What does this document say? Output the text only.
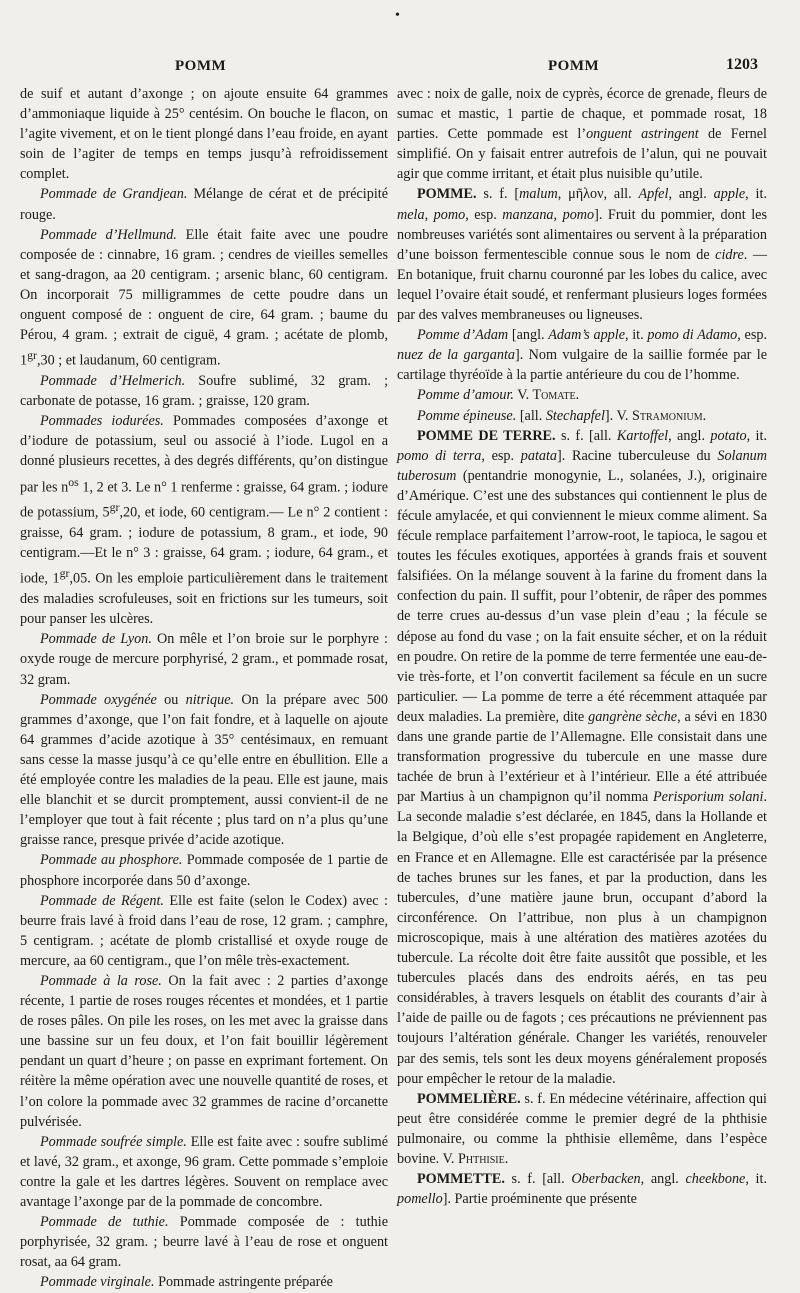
•
POMM	POMM	1203

de suif et autant d’axonge ; on ajoute ensuite 64 grammes d’ammoniaque liquide à 25° centésim. On bouche le flacon, on l’agite vivement, et on le tient plongé dans l’eau froide, en ayant soin de l’agiter de temps en temps jusqu’à refroidissement complet.

Pommade de Grandjean. Mélange de cérat et de précipité rouge.

Pommade d’Hellmund. Elle était faite avec une poudre composée de : cinnabre, 16 gram. ; cendres de vieilles semelles et sang-dragon, aa 20 centigram. ; arsenic blanc, 60 centigram. On incorporait 75 milligrammes de cette poudre dans un onguent composé de : onguent de cire, 64 gram. ; baume du Pérou, 4 gram. ; extrait de ciguë, 4 gram. ; acétate de plomb, $1^{gr},30$ ; et laudanum, 60 centigram.

Pommade d’Helmerich. Soufre sublimé, 32 gram. ; carbonate de potasse, 16 gram. ; graisse, 120 gram.

Pommades iodurées. Pommades composées d’axonge et d’iodure de potassium, seul ou associé à l’iode. Lugol en a donné plusieurs recettes, à des degrés différents, qu’on distingue par les $n^{os}$ 1, 2 et 3. Le n° 1 renferme : graisse, 64 gram. ; iodure de potassium, $5^{gr},20$, et iode, 60 centigram.— Le n° 2 contient : graisse, 64 gram. ; iodure de potassium, 8 gram., et iode, 90 centigram.—Et le n° 3 : graisse, 64 gram. ; iodure, 64 gram., et iode, $1^{gr},05$. On les emploie particulièrement dans le traitement des maladies scrofuleuses, soit en frictions sur les tumeurs, soit pour panser les ulcères.

Pommade de Lyon. On mêle et l’on broie sur le porphyre : oxyde rouge de mercure porphyrisé, 2 gram., et pommade rosat, 32 gram.

Pommade oxygénée ou nitrique. On la prépare avec 500 grammes d’axonge, que l’on fait fondre, et à laquelle on ajoute 64 grammes d’acide azotique à 35° centésimaux, en remuant sans cesse la masse jusqu’à ce qu’elle entre en ébullition. Elle a été employée contre les maladies de la peau. Elle est jaune, mais elle blanchit et se durcit promptement, aussi convient-il de ne l’employer que tout à fait récente ; plus tard on n’a plus qu’une graisse rance, presque privée d’acide azotique.

Pommade au phosphore. Pommade composée de 1 partie de phosphore incorporée dans 50 d’axonge.

Pommade de Régent. Elle est faite (selon le Codex) avec : beurre frais lavé à froid dans l’eau de rose, 12 gram. ; camphre, 5 centigram. ; acétate de plomb cristallisé et oxyde rouge de mercure, aa 60 centigram., que l’on mêle très-exactement.

Pommade à la rose. On la fait avec : 2 parties d’axonge récente, 1 partie de roses rouges récentes et mondées, et 1 partie de roses pâles. On pile les roses, on les met avec la graisse dans une bassine sur un feu doux, et l’on fait bouillir légèrement pendant un quart d’heure ; on passe en exprimant fortement. On réitère la même opération avec une nouvelle quantité de roses, et l’on colore la pommade avec 32 grammes de racine d’orcanette pulvérisée.

Pommade soufrée simple. Elle est faite avec : soufre sublimé et lavé, 32 gram., et axonge, 96 gram. Cette pommade s’emploie contre la gale et les dartres légères. Souvent on remplace avec avantage l’axonge par de la pommade de concombre.

Pommade de tuthie. Pommade composée de : tuthie porphyrisée, 32 gram. ; beurre lavé à l’eau de rose et onguent rosat, aa 64 gram.

Pommade virginale. Pommade astringente préparée

avec : noix de galle, noix de cyprès, écorce de grenade, fleurs de sumac et mastic, 1 partie de chaque, et pommade rosat, 18 parties. Cette pommade est l’onguent astringent de Fernel simplifié. On y faisait entrer autrefois de l’alun, qui ne pouvait agir que comme irritant, et était plus nuisible qu’utile.

POMME. s. f. [malum, μῆλον, all. Apfel, angl. apple, it. mela, pomo, esp. manzana, pomo]. Fruit du pommier, dont les nombreuses variétés sont alimentaires ou servent à la préparation d’une boisson fermentescible connue sous le nom de cidre. — En botanique, fruit charnu couronné par les lobes du calice, avec lequel l’ovaire était soudé, et renfermant plusieurs loges formées par des valves membraneuses ou ligneuses.

Pomme d’Adam [angl. Adam’s apple, it. pomo di Adamo, esp. nuez de la garganta]. Nom vulgaire de la saillie formée par le cartilage thyréoïde à la partie antérieure du cou de l’homme.

Pomme d’amour. V. Tomate.

Pomme épineuse. [all. Stechapfel]. V. Stramonium.

POMME DE TERRE. s. f. [all. Kartoffel, angl. potato, it. pomo di terra, esp. patata]. Racine tuberculeuse du Solanum tuberosum (pentandrie monogynie, L., solanées, J.), originaire d’Amérique. C’est une des substances qui contiennent le plus de fécule amylacée, et qui conviennent le mieux comme aliment. Sa fécule remplace parfaitement l’arrow-root, le tapioca, le sagou et toutes les fécules exotiques, apportées à grands frais et souvent falsifiées. On la mélange souvent à la farine du froment dans la confection du pain. Il suffit, pour l’obtenir, de râper des pommes de terre crues au-dessus d’un vase plein d’eau ; la fécule se dépose au fond du vase ; on la fait ensuite sécher, et on la réduit en poudre. On retire de la pomme de terre fermentée une eau-de-vie très-forte, et l’on convertit facilement sa fécule en un sucre particulier. — La pomme de terre a été récemment attaquée par deux maladies. La première, dite gangrène sèche, a sévi en 1830 dans une grande partie de l’Allemagne. Elle consistait dans une transformation progressive du tubercule en une masse dure tachée de brun à l’extérieur et à l’intérieur. Elle a été attribuée par Martius à un champignon qu’il nomma Perisporium solani. La seconde maladie s’est déclarée, en 1845, dans la Hollande et la Belgique, d’où elle s’est propagée rapidement en Angleterre, en France et en Allemagne. Elle est caractérisée par la présence de taches brunes sur les fanes, et par la production, dans les tubercules, d’une matière jaune brun, occupant d’abord la circonférence. On l’attribue, non plus à un champignon microscopique, mais à une altération des matières azotées du tubercule. La récolte doit être faite aussitôt que possible, et les tubercules placés dans des endroits aérés, en tas peu considérables, à travers lesquels on établit des courants d’air à l’aide de paille ou de fagots ; ces précautions ne préviennent pas toujours l’altération générale. Changer les variétés, renouveler par des semis, tels sont les deux moyens généralement proposés pour empêcher le retour de la maladie.

POMMELIÈRE. s. f. En médecine vétérinaire, affection qui peut être considérée comme le premier degré de la phthisie pulmonaire, ou comme la phthisie ellemême, dans l’espèce bovine. V. Phthisie.

POMMETTE. s. f. [all. Oberbacken, angl. cheekbone, it. pomello]. Partie proéminente que présente
